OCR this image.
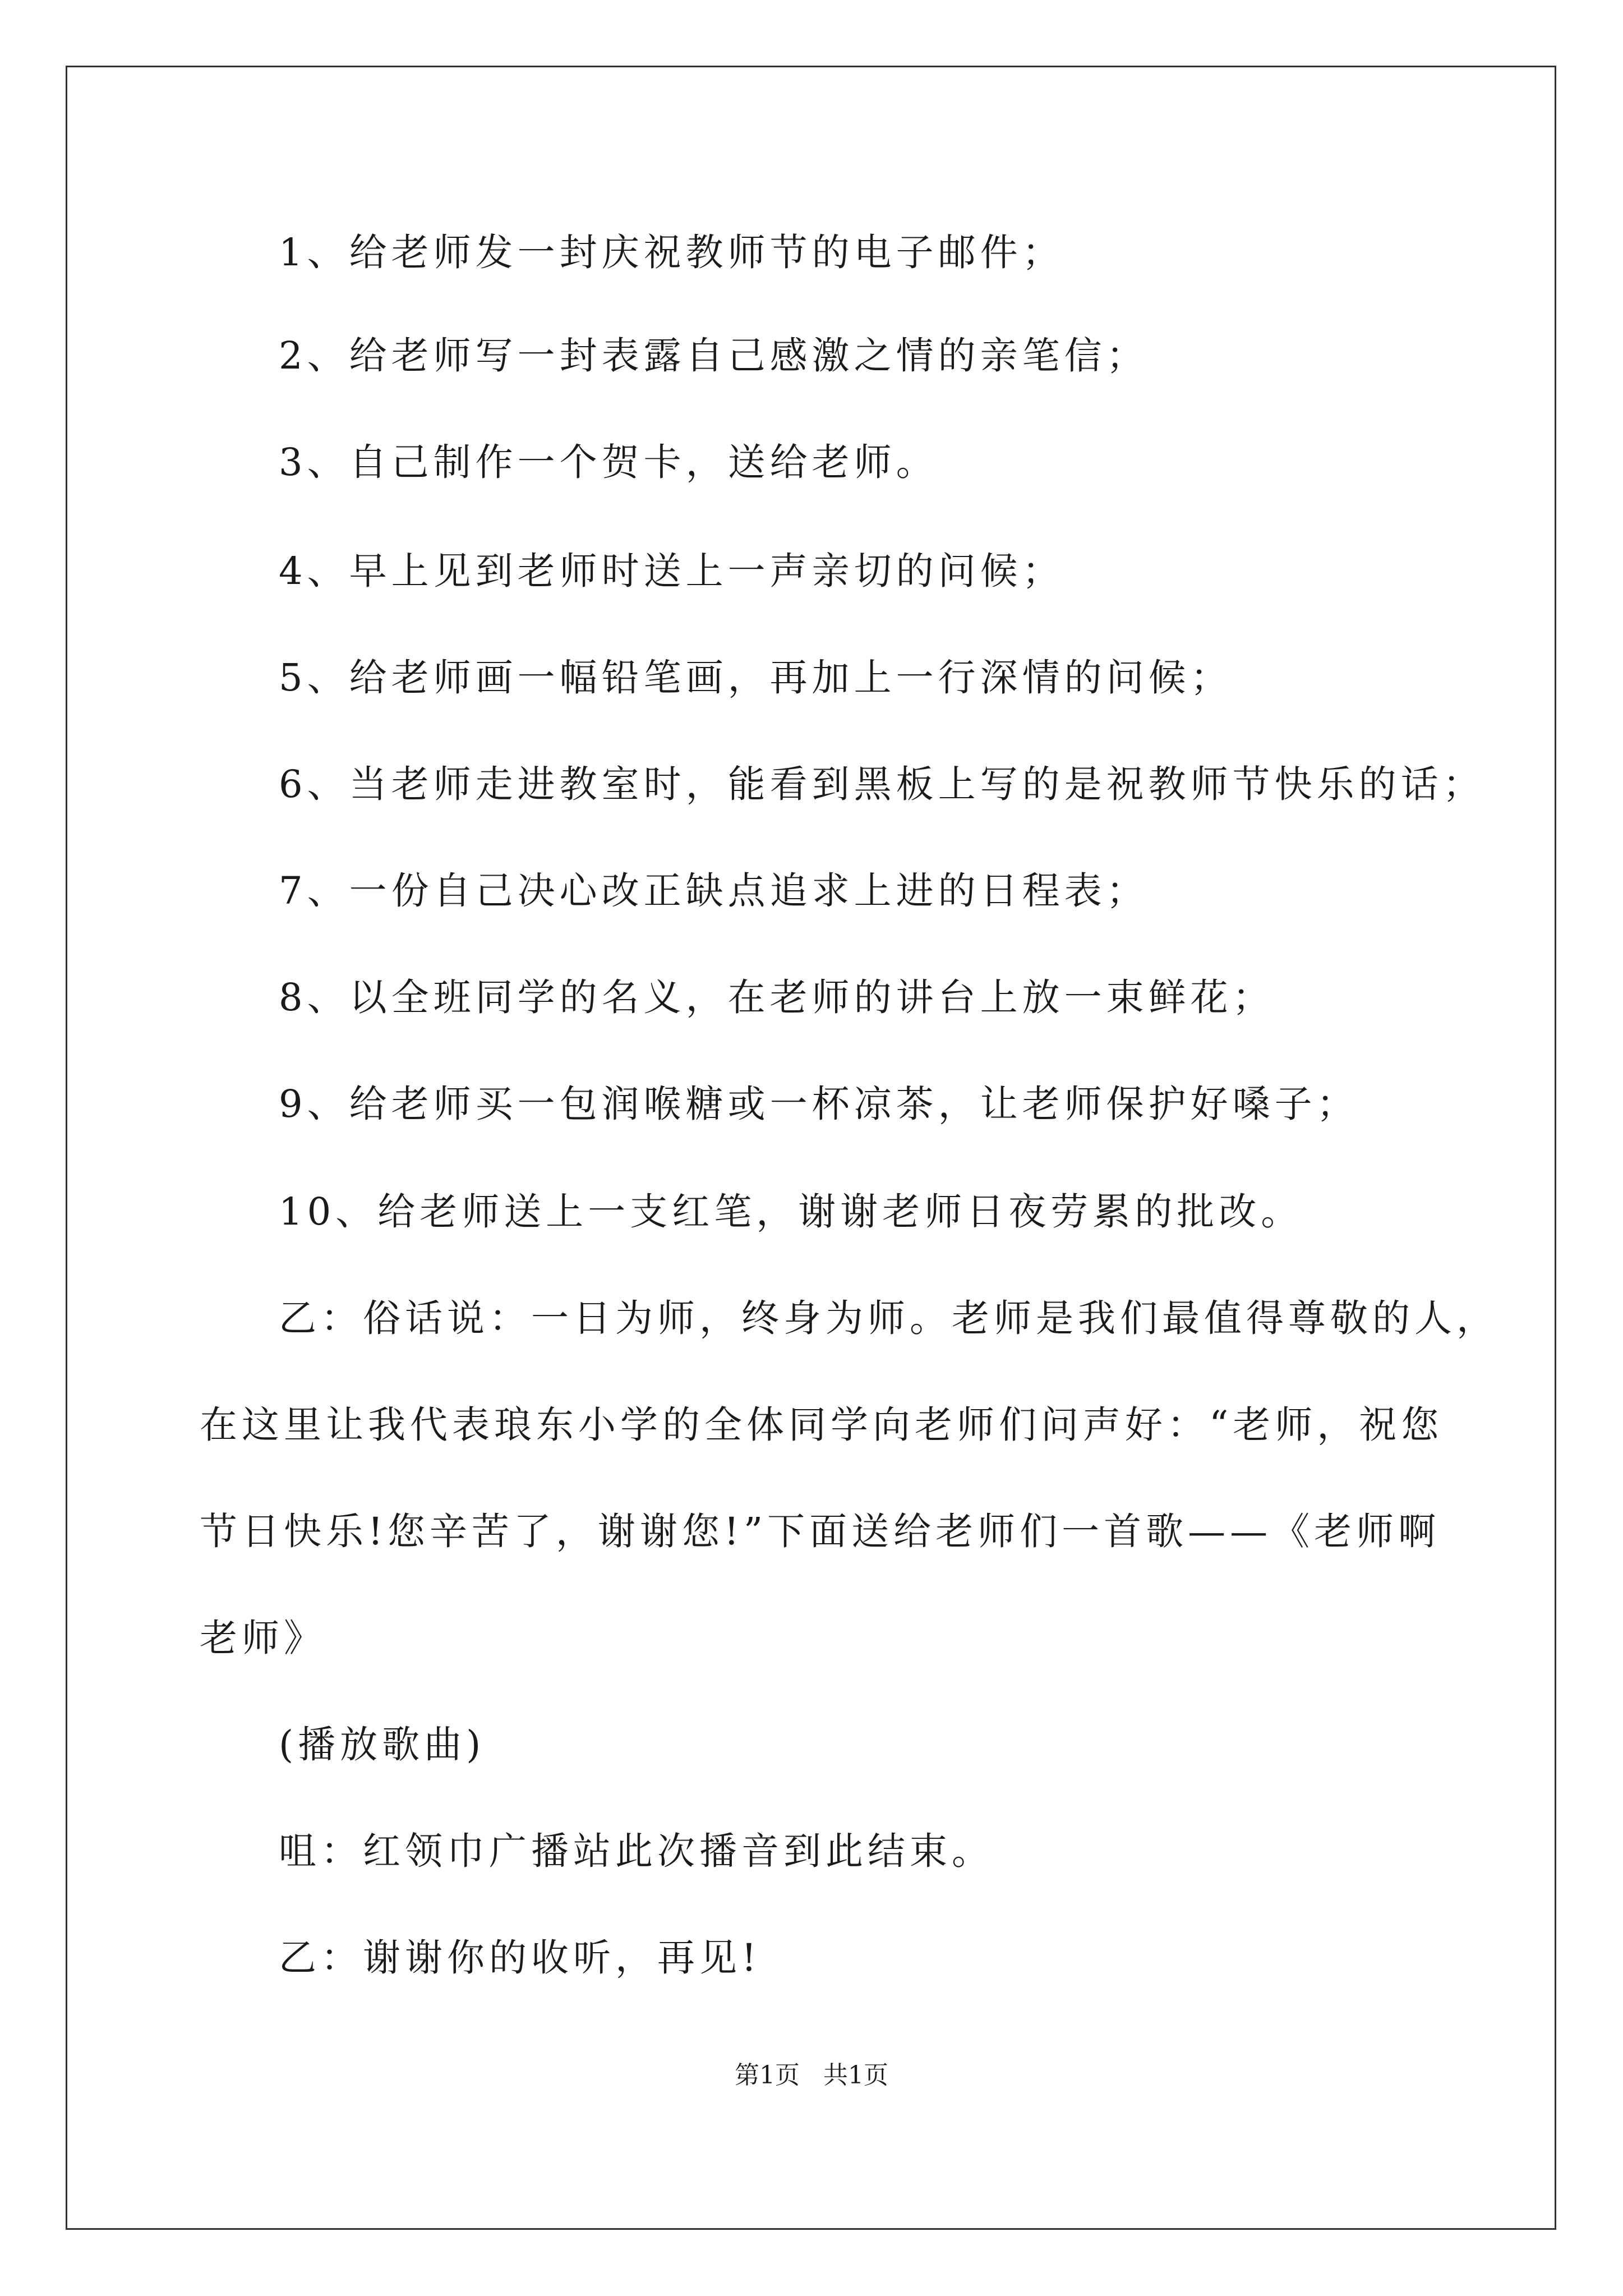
1、给老师发一封庆祝教师节的电子邮件；
2、给老师写一封表露自己感激之情的亲笔信；
3、自己制作一个贺卡，送给老师。
4、早上见到老师时送上一声亲切的问候；
5、给老师画一幅铅笔画，再加上一行深情的问候；
6、当老师走进教室时，能看到黑板上写的是祝教师节快乐的话；
7、一份自己决心改正缺点追求上进的日程表；
8、以全班同学的名义，在老师的讲台上放一束鲜花；
9、给老师买一包润喉糖或一杯凉茶，让老师保护好嗓子；
10、给老师送上一支红笔，谢谢老师日夜劳累的批改。
乙：俗话说：一日为师，终身为师。老师是我们最值得尊敬的人，
在这里让我代表琅东小学的全体同学向老师们问声好：“老师，祝您
节日快乐!您辛苦了，谢谢您!”下面送给老师们一首歌——《老师啊
老师》
(播放歌曲)
咀：红领巾广播站此次播音到此结束。
乙：谢谢你的收听，再见!
第1页   共1页
